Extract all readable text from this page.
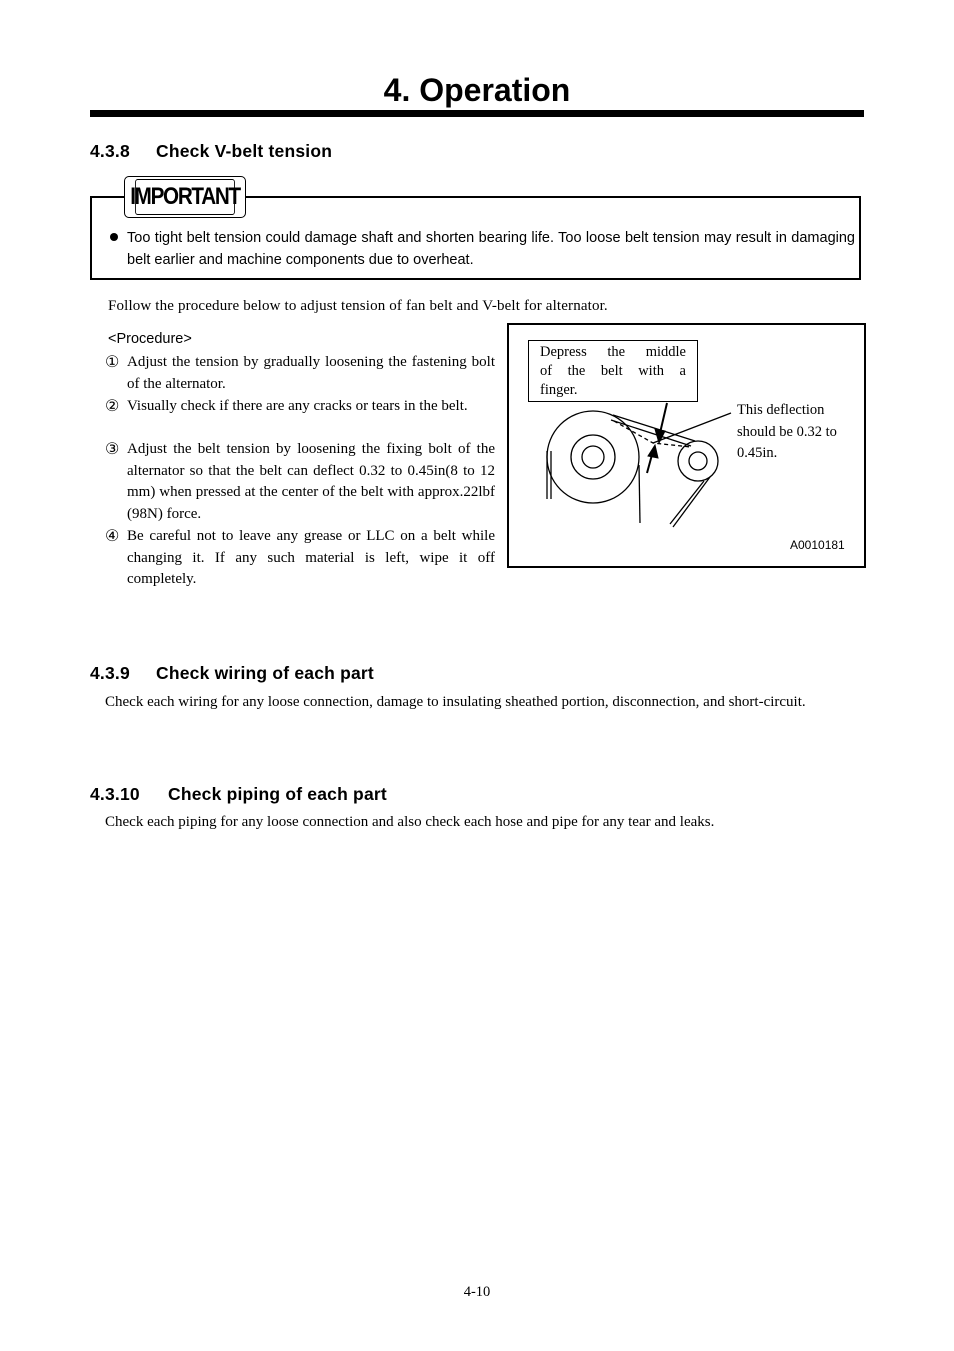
4. Operation
4.3.8 Check V-belt tension
IMPORTANT
Too tight belt tension could damage shaft and shorten bearing life. Too loose belt tension may result in damaging belt earlier and machine components due to overheat.
Follow the procedure below to adjust tension of fan belt and V-belt for alternator.
<Procedure>
① Adjust the tension by gradually loosening the fastening bolt of the alternator.
② Visually check if there are any cracks or tears in the belt.
③ Adjust the belt tension by loosening the fixing bolt of the alternator so that the belt can deflect 0.32 to 0.45in(8 to 12 mm) when pressed at the center of the belt with approx.22lbf (98N) force.
④ Be careful not to leave any grease or LLC on a belt while changing it. If any such material is left, wipe it off completely.
Depress the middle
of the belt with a
finger.
This deflection should be 0.32 to 0.45in.
A0010181
4.3.9 Check wiring of each part
Check each wiring for any loose connection, damage to insulating sheathed portion, disconnection, and short-circuit.
4.3.10 Check piping of each part
Check each piping for any loose connection and also check each hose and pipe for any tear and leaks.
4-10
